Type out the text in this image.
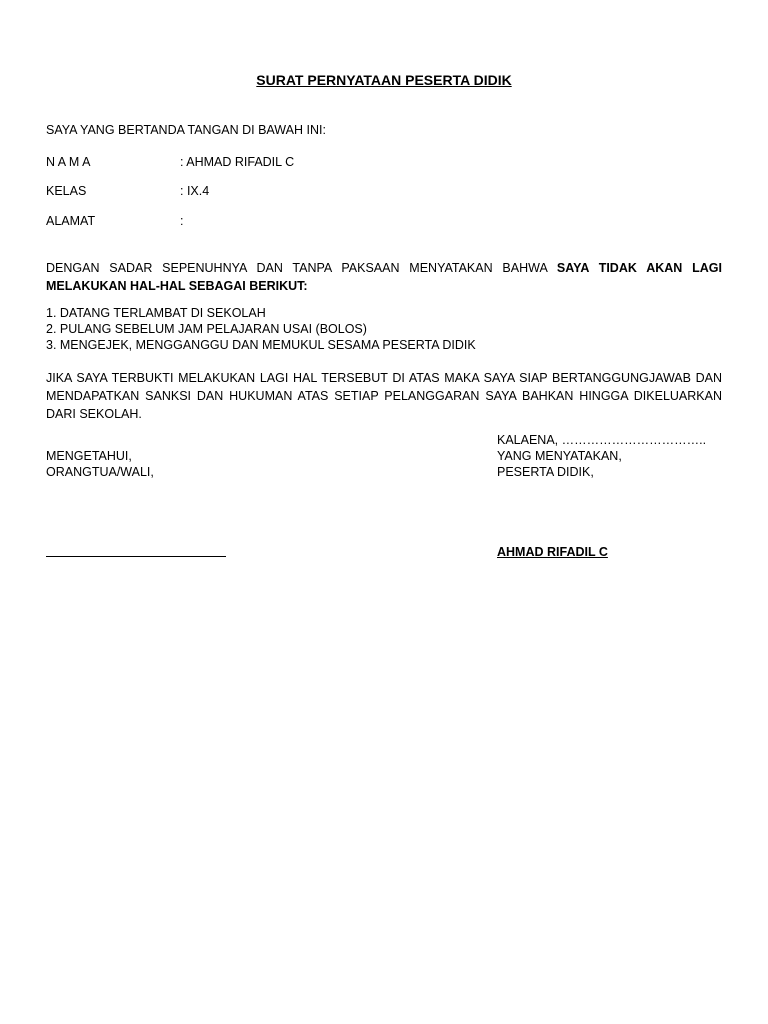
SURAT PERNYATAAN PESERTA DIDIK
SAYA YANG BERTANDA TANGAN DI BAWAH INI:
N A M A	: AHMAD RIFADIL C
KELAS	: IX.4
ALAMAT	:
DENGAN SADAR SEPENUHNYA DAN TANPA PAKSAAN MENYATAKAN BAHWA SAYA TIDAK AKAN LAGI MELAKUKAN HAL-HAL SEBAGAI BERIKUT:
1. DATANG TERLAMBAT DI SEKOLAH
2. PULANG SEBELUM JAM PELAJARAN USAI (BOLOS)
3. MENGEJEK, MENGGANGGU DAN MEMUKUL SESAMA PESERTA DIDIK
JIKA SAYA TERBUKTI MELAKUKAN LAGI HAL TERSEBUT DI ATAS MAKA SAYA SIAP BERTANGGUNGJAWAB DAN MENDAPATKAN SANKSI DAN HUKUMAN ATAS SETIAP PELANGGARAN SAYA BAHKAN HINGGA DIKELUARKAN DARI SEKOLAH.
KALAENA, ……………………………..
MENGETAHUI,
ORANGTUA/WALI,
YANG MENYATAKAN,
PESERTA DIDIK,
AHMAD RIFADIL C
